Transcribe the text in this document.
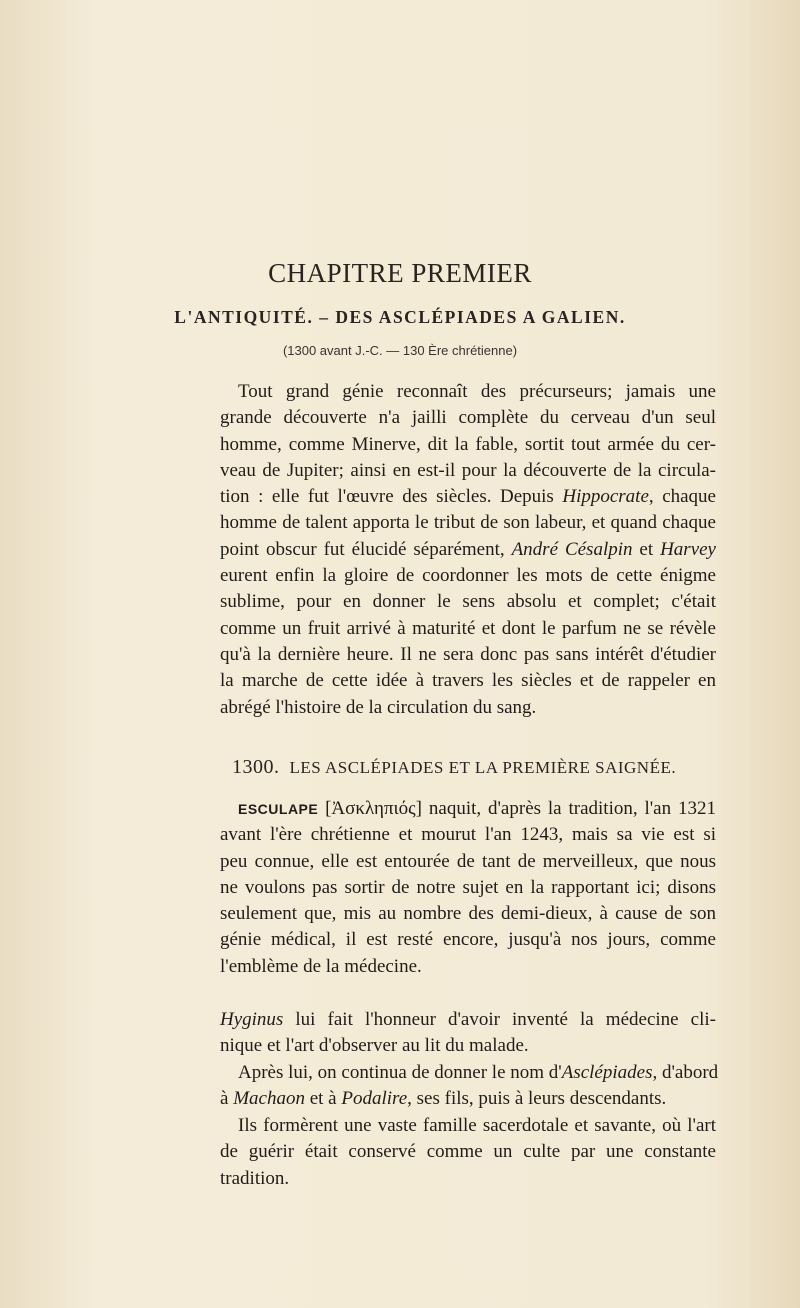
CHAPITRE PREMIER
L'ANTIQUITÉ. – DES ASCLÉPIADES A GALIEN.
(1300 avant J.-C. — 130 Ère chrétienne)
Tout grand génie reconnaît des précurseurs; jamais une
grande découverte n'a jailli complète du cerveau d'un seul
homme, comme Minerve, dit la fable, sortit tout armée du cer-
veau de Jupiter; ainsi en est-il pour la découverte de la circula-
tion : elle fut l'œuvre des siècles. Depuis Hippocrate, chaque
homme de talent apporta le tribut de son labeur, et quand chaque
point obscur fut élucidé séparément, André Césalpin et Harvey
eurent enfin la gloire de coordonner les mots de cette énigme
sublime, pour en donner le sens absolu et complet; c'était
comme un fruit arrivé à maturité et dont le parfum ne se révèle
qu'à la dernière heure. Il ne sera donc pas sans intérêt d'étudier
la marche de cette idée à travers les siècles et de rappeler en
abrégé l'histoire de la circulation du sang.
1300. LES ASCLÉPIADES ET LA PREMIÈRE SAIGNÉE.
ESCULAPE [Ἀσκληπιός] naquit, d'après la tradition, l'an 1321
avant l'ère chrétienne et mourut l'an 1243, mais sa vie est si
peu connue, elle est entourée de tant de merveilleux, que nous
ne voulons pas sortir de notre sujet en la rapportant ici; disons
seulement que, mis au nombre des demi-dieux, à cause de son
génie médical, il est resté encore, jusqu'à nos jours, comme
l'emblème de la médecine.
Hyginus lui fait l'honneur d'avoir inventé la médecine cli-
nique et l'art d'observer au lit du malade.
Après lui, on continua de donner le nom d'Asclépiades, d'abord
à Machaon et à Podalire, ses fils, puis à leurs descendants.
Ils formèrent une vaste famille sacerdotale et savante, où l'art
de guérir était conservé comme un culte par une constante
tradition.
